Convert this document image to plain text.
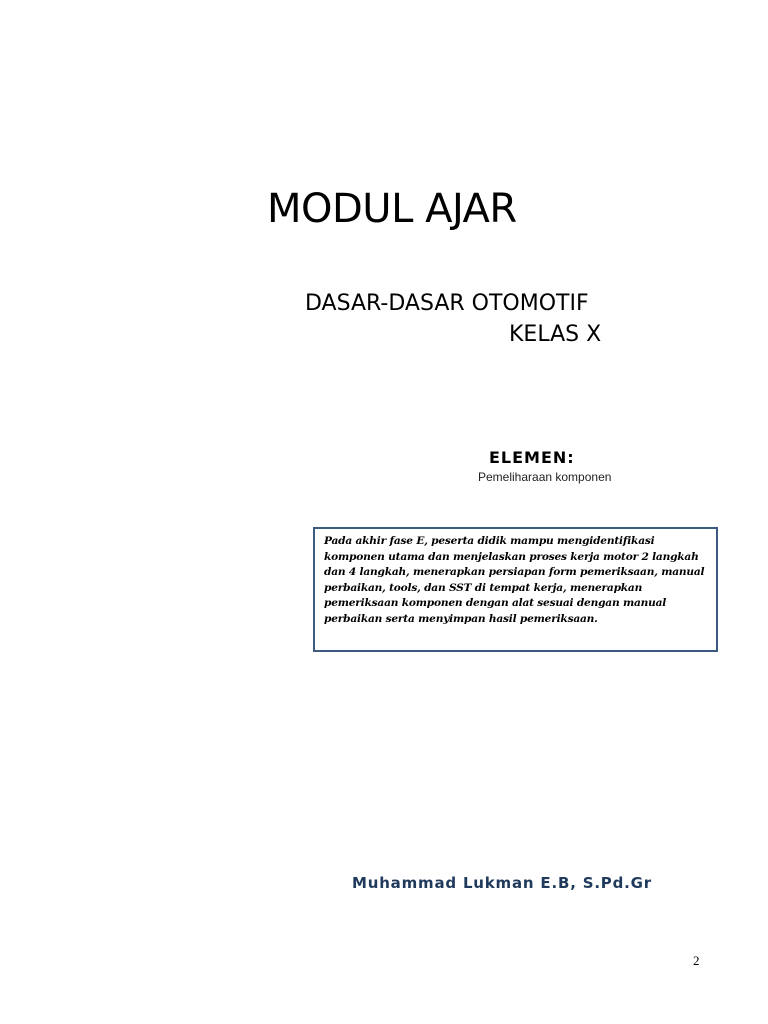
MODUL AJAR
DASAR-DASAR OTOMOTIF
KELAS X
ELEMEN:
Pemeliharaan komponen

Pada akhir fase E, peserta didik mampu mengidentifikasi komponen utama dan menjelaskan proses kerja motor 2 langkah dan 4 langkah, menerapkan persiapan form pemeriksaan, manual perbaikan, tools, dan SST di tempat kerja, menerapkan pemeriksaan komponen dengan alat sesuai dengan manual perbaikan serta menyimpan hasil pemeriksaan.

Muhammad Lukman E.B, S.Pd.Gr
2
